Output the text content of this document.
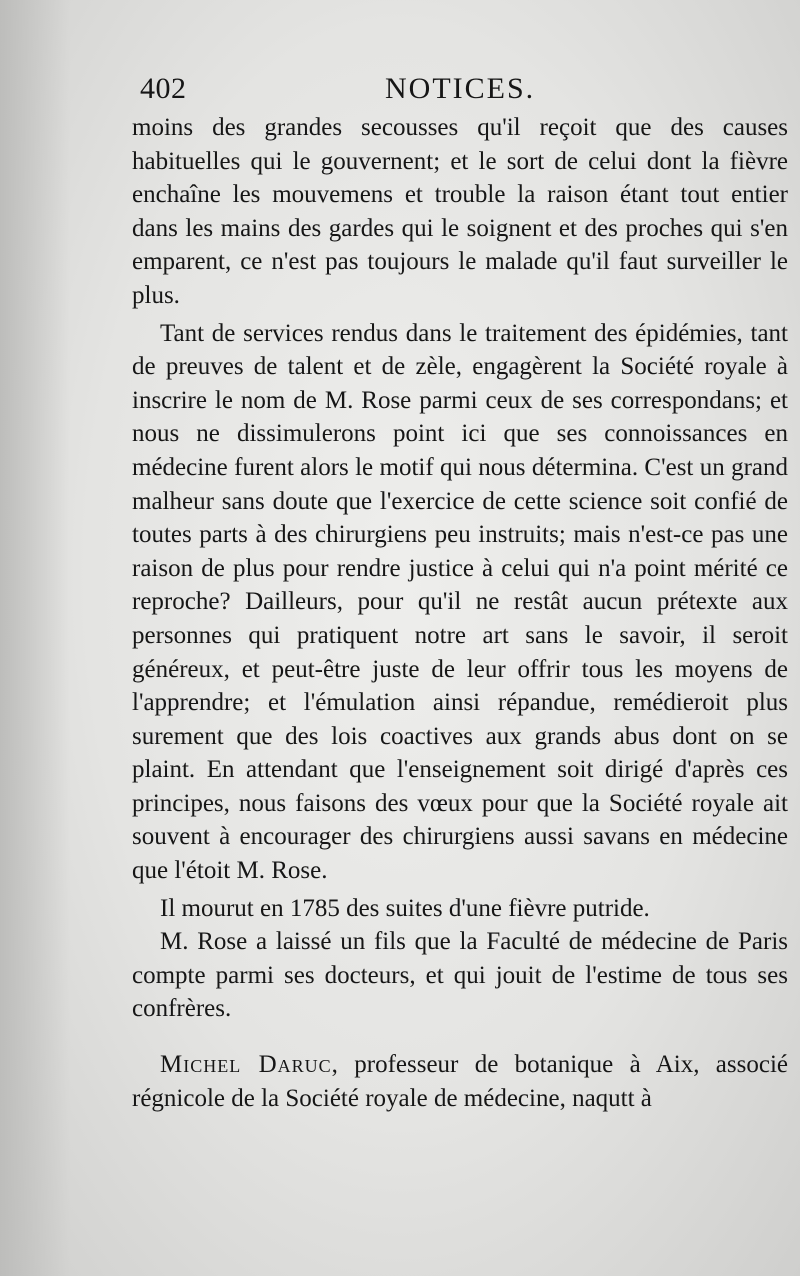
402	NOTICES.

moins des grandes secousses qu'il reçoit que des causes habituelles qui le gouvernent; et le sort de celui dont la fièvre enchaîne les mouvemens et trouble la raison étant tout entier dans les mains des gardes qui le soignent et des proches qui s'en emparent, ce n'est pas toujours le malade qu'il faut surveiller le plus.

Tant de services rendus dans le traitement des épidémies, tant de preuves de talent et de zèle, engagèrent la Société royale à inscrire le nom de M. Rose parmi ceux de ses correspondans; et nous ne dissimulerons point ici que ses connoissances en médecine furent alors le motif qui nous détermina. C'est un grand malheur sans doute que l'exercice de cette science soit confié de toutes parts à des chirurgiens peu instruits; mais n'est-ce pas une raison de plus pour rendre justice à celui qui n'a point mérité ce reproche? Dailleurs, pour qu'il ne restât aucun prétexte aux personnes qui pratiquent notre art sans le savoir, il seroit généreux, et peut-être juste de leur offrir tous les moyens de l'apprendre; et l'émulation ainsi répandue, remédieroit plus surement que des lois coactives aux grands abus dont on se plaint. En attendant que l'enseignement soit dirigé d'après ces principes, nous faisons des vœux pour que la Société royale ait souvent à encourager des chirurgiens aussi savans en médecine que l'étoit M. Rose.

Il mourut en 1785 des suites d'une fièvre putride.

M. Rose a laissé un fils que la Faculté de médecine de Paris compte parmi ses docteurs, et qui jouit de l'estime de tous ses confrères.

Michel Daruc, professeur de botanique à Aix, associé régnicole de la Société royale de médecine, naqutt à
